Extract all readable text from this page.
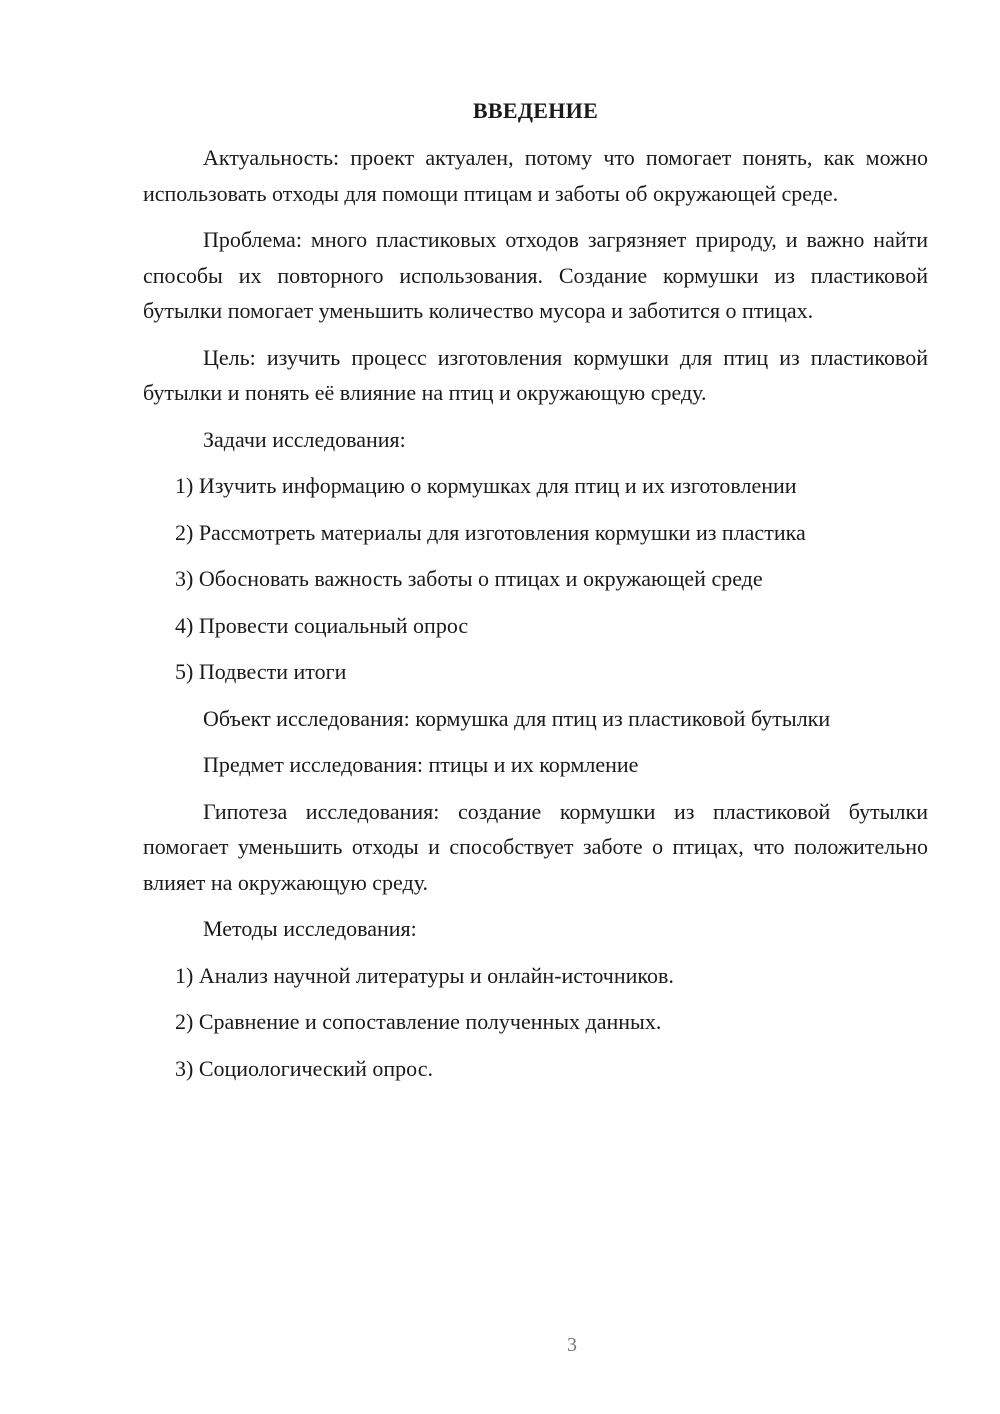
ВВЕДЕНИЕ
Актуальность: проект актуален, потому что помогает понять, как можно использовать отходы для помощи птицам и заботы об окружающей среде.
Проблема: много пластиковых отходов загрязняет природу, и важно найти способы их повторного использования. Создание кормушки из пластиковой бутылки помогает уменьшить количество мусора и заботится о птицах.
Цель: изучить процесс изготовления кормушки для птиц из пластиковой бутылки и понять её влияние на птиц и окружающую среду.
Задачи исследования:
1) Изучить информацию о кормушках для птиц и их изготовлении
2) Рассмотреть материалы для изготовления кормушки из пластика
3) Обосновать важность заботы о птицах и окружающей среде
4) Провести социальный опрос
5) Подвести итоги
Объект исследования: кормушка для птиц из пластиковой бутылки
Предмет исследования: птицы и их кормление
Гипотеза исследования: создание кормушки из пластиковой бутылки помогает уменьшить отходы и способствует заботе о птицах, что положительно влияет на окружающую среду.
Методы исследования:
1) Анализ научной литературы и онлайн-источников.
2) Сравнение и сопоставление полученных данных.
3) Социологический опрос.
3
